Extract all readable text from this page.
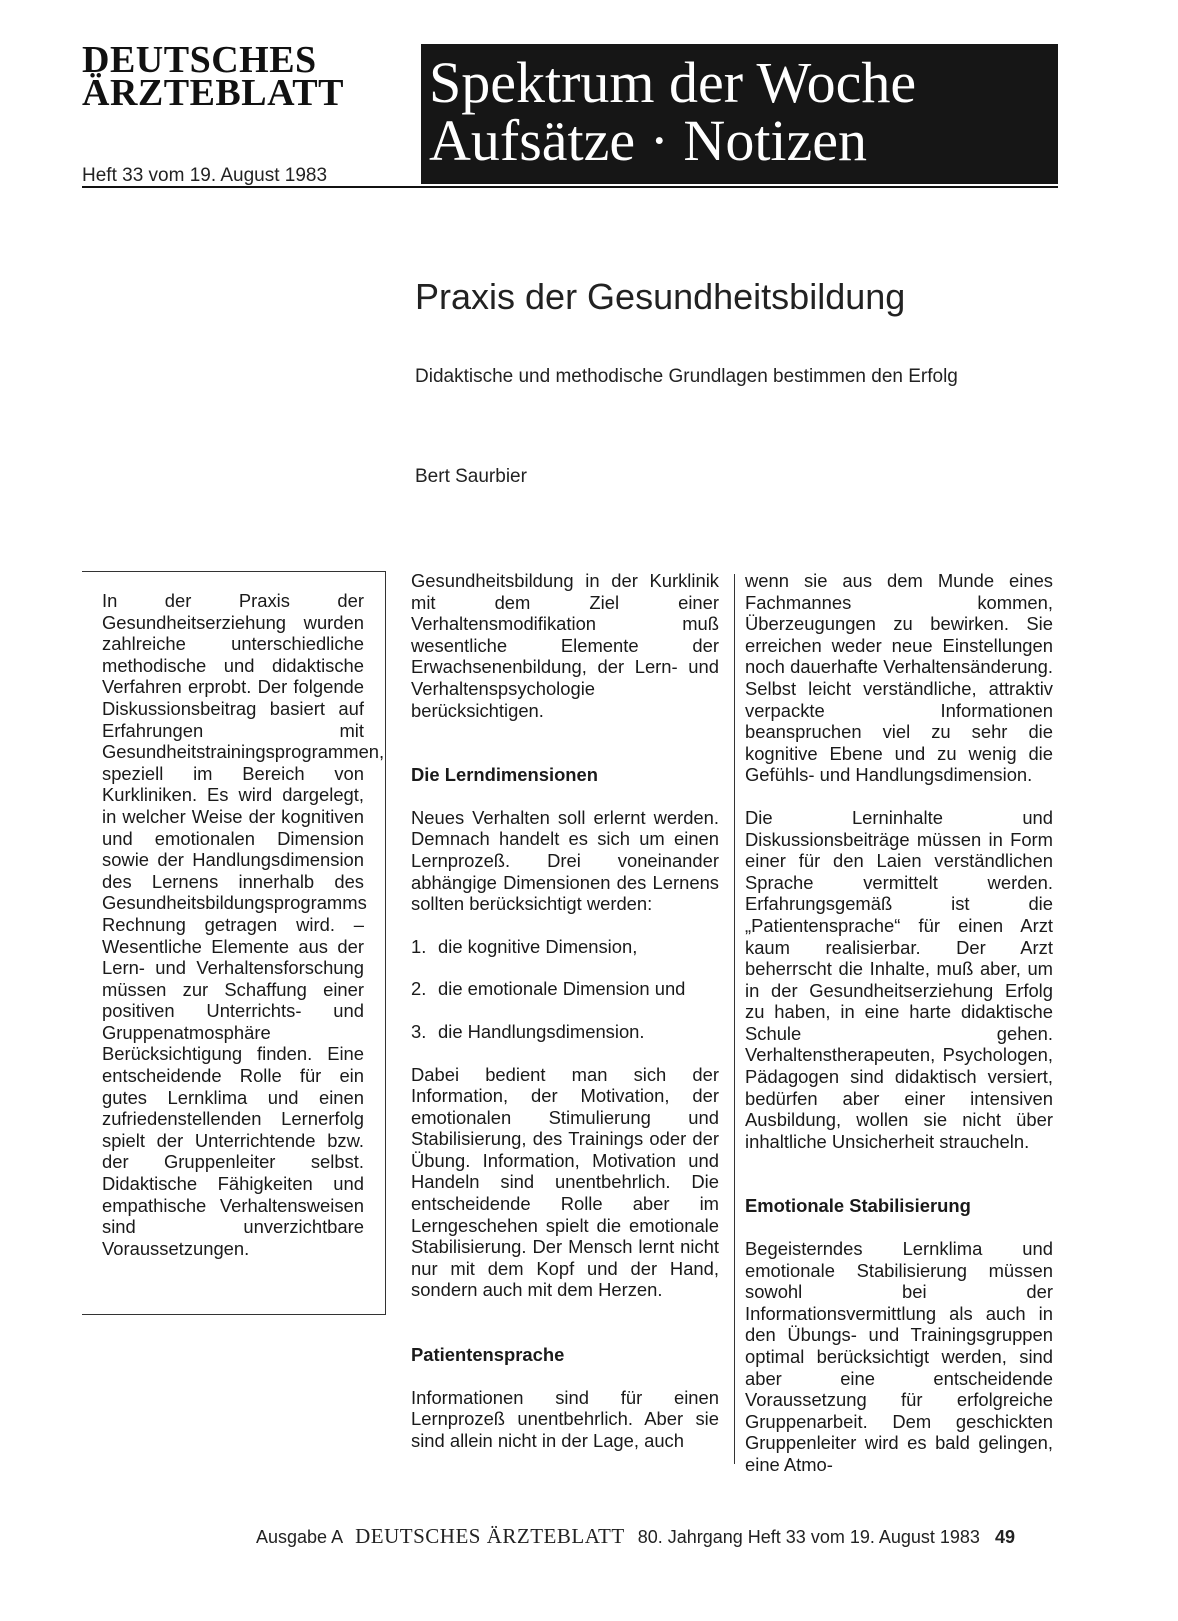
DEUTSCHES
ÄRZTEBLATT
Heft 33 vom 19. August 1983
Spektrum der Woche
Aufsätze · Notizen
Praxis der Gesundheitsbildung
Didaktische und methodische Grundlagen bestimmen den Erfolg
Bert Saurbier
In der Praxis der Gesundheitserziehung wurden zahlreiche unterschiedliche methodische und didaktische Verfahren erprobt. Der folgende Diskussionsbeitrag basiert auf Erfahrungen mit Gesundheitstrainingsprogrammen, speziell im Bereich von Kurkliniken. Es wird dargelegt, in welcher Weise der kognitiven und emotionalen Dimension sowie der Handlungsdimension des Lernens innerhalb des Gesundheitsbildungsprogramms Rechnung getragen wird. – Wesentliche Elemente aus der Lern- und Verhaltensforschung müssen zur Schaffung einer positiven Unterrichts- und Gruppenatmosphäre Berücksichtigung finden. Eine entscheidende Rolle für ein gutes Lernklima und einen zufriedenstellenden Lernerfolg spielt der Unterrichtende bzw. der Gruppenleiter selbst. Didaktische Fähigkeiten und empathische Verhaltensweisen sind unverzichtbare Voraussetzungen.

Gesundheitsbildung in der Kurklinik mit dem Ziel einer Verhaltensmodifikation muß wesentliche Elemente der Erwachsenenbildung, der Lern- und Verhaltenspsychologie berücksichtigen.

Die Lerndimensionen

Neues Verhalten soll erlernt werden. Demnach handelt es sich um einen Lernprozeß. Drei voneinander abhängige Dimensionen des Lernens sollten berücksichtigt werden:

1. die kognitive Dimension,
2. die emotionale Dimension und
3. die Handlungsdimension.

Dabei bedient man sich der Information, der Motivation, der emotionalen Stimulierung und Stabilisierung, des Trainings oder der Übung. Information, Motivation und Handeln sind unentbehrlich. Die entscheidende Rolle aber im Lerngeschehen spielt die emotionale Stabilisierung. Der Mensch lernt nicht nur mit dem Kopf und der Hand, sondern auch mit dem Herzen.

Patientensprache

Informationen sind für einen Lernprozeß unentbehrlich. Aber sie sind allein nicht in der Lage, auch

wenn sie aus dem Munde eines Fachmannes kommen, Überzeugungen zu bewirken. Sie erreichen weder neue Einstellungen noch dauerhafte Verhaltensänderung. Selbst leicht verständliche, attraktiv verpackte Informationen beanspruchen viel zu sehr die kognitive Ebene und zu wenig die Gefühls- und Handlungsdimension.

Die Lerninhalte und Diskussionsbeiträge müssen in Form einer für den Laien verständlichen Sprache vermittelt werden. Erfahrungsgemäß ist die „Patientensprache“ für einen Arzt kaum realisierbar. Der Arzt beherrscht die Inhalte, muß aber, um in der Gesundheitserziehung Erfolg zu haben, in eine harte didaktische Schule gehen. Verhaltenstherapeuten, Psychologen, Pädagogen sind didaktisch versiert, bedürfen aber einer intensiven Ausbildung, wollen sie nicht über inhaltliche Unsicherheit straucheln.

Emotionale Stabilisierung

Begeisterndes Lernklima und emotionale Stabilisierung müssen sowohl bei der Informationsvermittlung als auch in den Übungs- und Trainingsgruppen optimal berücksichtigt werden, sind aber eine entscheidende Voraussetzung für erfolgreiche Gruppenarbeit. Dem geschickten Gruppenleiter wird es bald gelingen, eine Atmo-

Ausgabe A DEUTSCHES ÄRZTEBLATT 80. Jahrgang Heft 33 vom 19. August 1983 49
